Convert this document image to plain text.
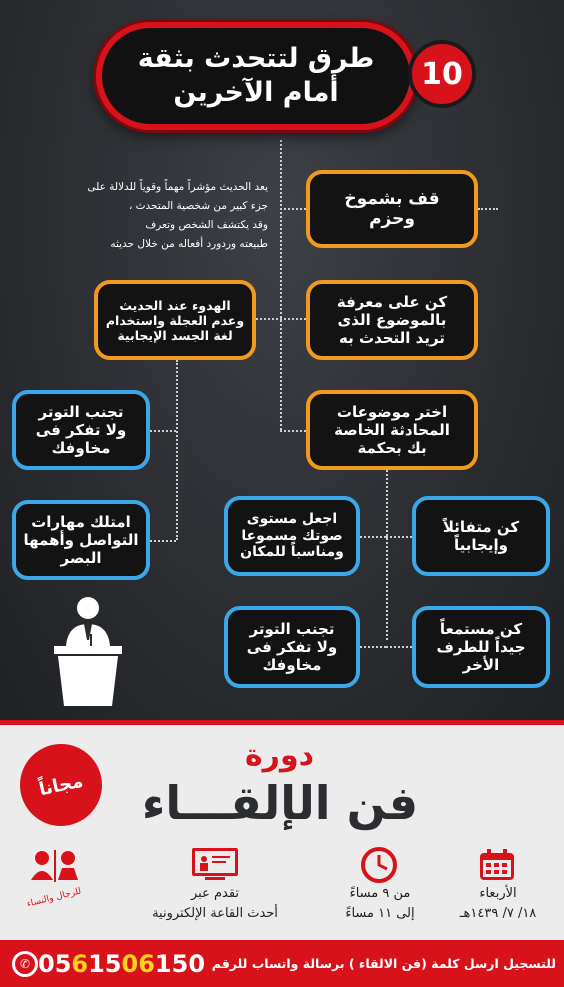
طرق لتتحدث بثقة
أمام الآخرين
10
يعد الحديث مؤشراً مهماً وقوياً للدلالة على
جزء كبير من شخصية المتحدث ،
وقد يكتشف الشخص وتعرف
طبيعته وردورد أفعاله من خلال حديثه
قف بشموخ
وحزم
كن على معرفة
بالموضوع الذى
تريد التحدث به
الهدوء عند الحديث
وعدم العجلة واستخدام
لغة الجسد الإيجابية
اختر موضوعات
المحادثة الخاصة
بك بحكمة
تجنب التوتر
ولا تفكر فى
مخاوفك
امتلك مهارات
التواصل وأهمها
البصر
كن متفائلاً
وإيجابياً
اجعل مستوى
صوتك مسموعا
ومناسباً للمكان
كن مستمعاً
جيداً للطرف
الأخر
تجنب التوتر
ولا تفكر فى
مخاوفك
دورة
فن الإلقـــاء
مجاناً
الأربعاء
١٨/ ٧/ ١٤٣٩هـ
من ٩ مساءً
إلى ١١ مساءً
تقدم عبر
أحدث القاعة الإلكترونية
للرجال والنساء
للتسجيل ارسل كلمة (فن الالقاء ) برسالة واتساب للرقم
✆ 0561506150
